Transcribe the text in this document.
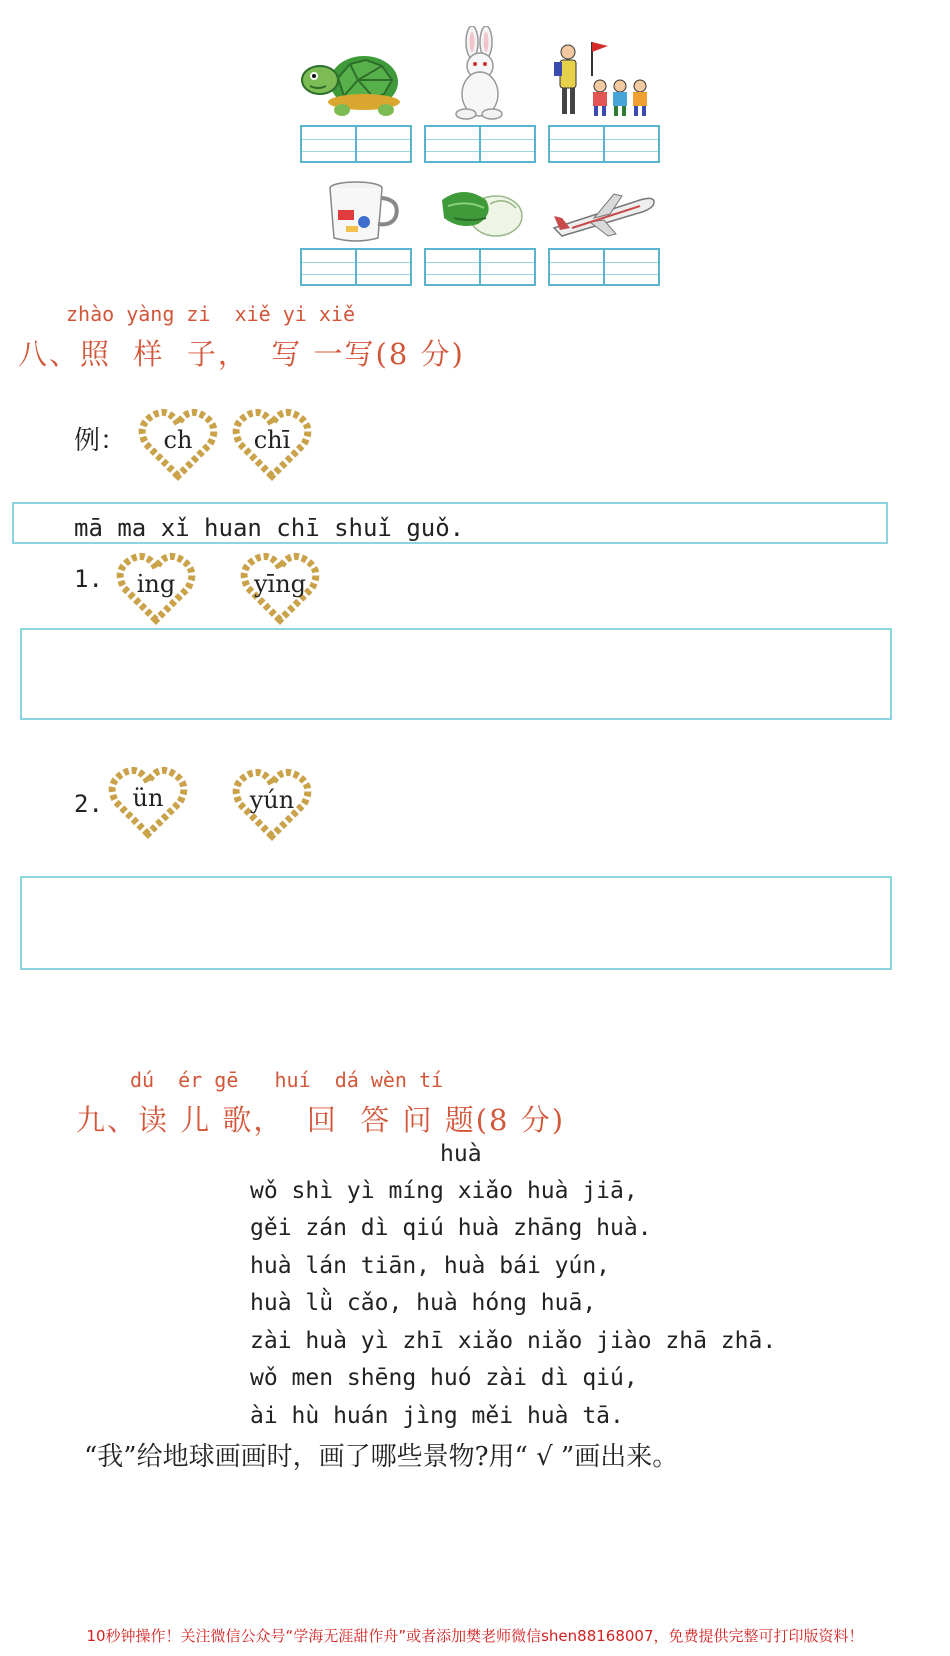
zhào yàng zi  xiě yi xiě
八、照  样  子，  写 一写(8 分)
例：	ch	chī
mā ma xǐ huan chī shuǐ guǒ.
1.	ing	yīng
2.	ün	yún
dú  ér gē   huí  dá wèn tí
九、读 儿 歌，  回  答 问 题(8 分)
huà
wǒ shì yì míng xiǎo huà jiā,
gěi zán dì qiú huà zhāng huà.
huà lán tiān, huà bái yún,
huà lǜ cǎo, huà hóng huā,
zài huà yì zhī xiǎo niǎo jiào zhā zhā.
wǒ men shēng huó zài dì qiú,
ài hù huán jìng měi huà tā.
“我”给地球画画时，画了哪些景物?用“ √ ”画出来。
10秒钟操作！关注微信公众号“学海无涯甜作舟”或者添加樊老师微信shen88168007，免费提供完整可打印版资料！
